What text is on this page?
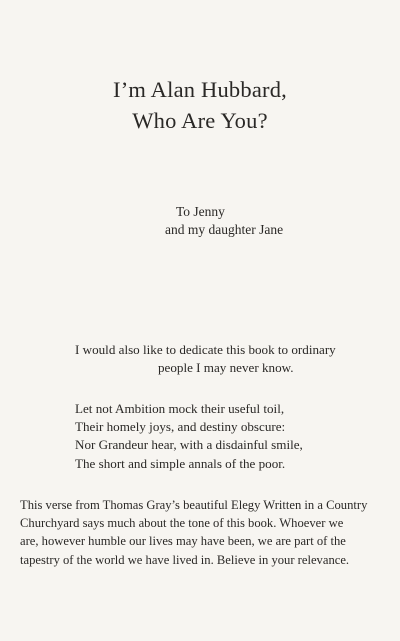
I’m Alan Hubbard,
Who Are You?
To Jenny
and my daughter Jane
I would also like to dedicate this book to ordinary
people I may never know.
Let not Ambition mock their useful toil,
Their homely joys, and destiny obscure:
Nor Grandeur hear, with a disdainful smile,
The short and simple annals of the poor.
This verse from Thomas Gray’s beautiful Elegy Written in a Country
Churchyard says much about the tone of this book. Whoever we
are, however humble our lives may have been, we are part of the
tapestry of the world we have lived in. Believe in your relevance.
